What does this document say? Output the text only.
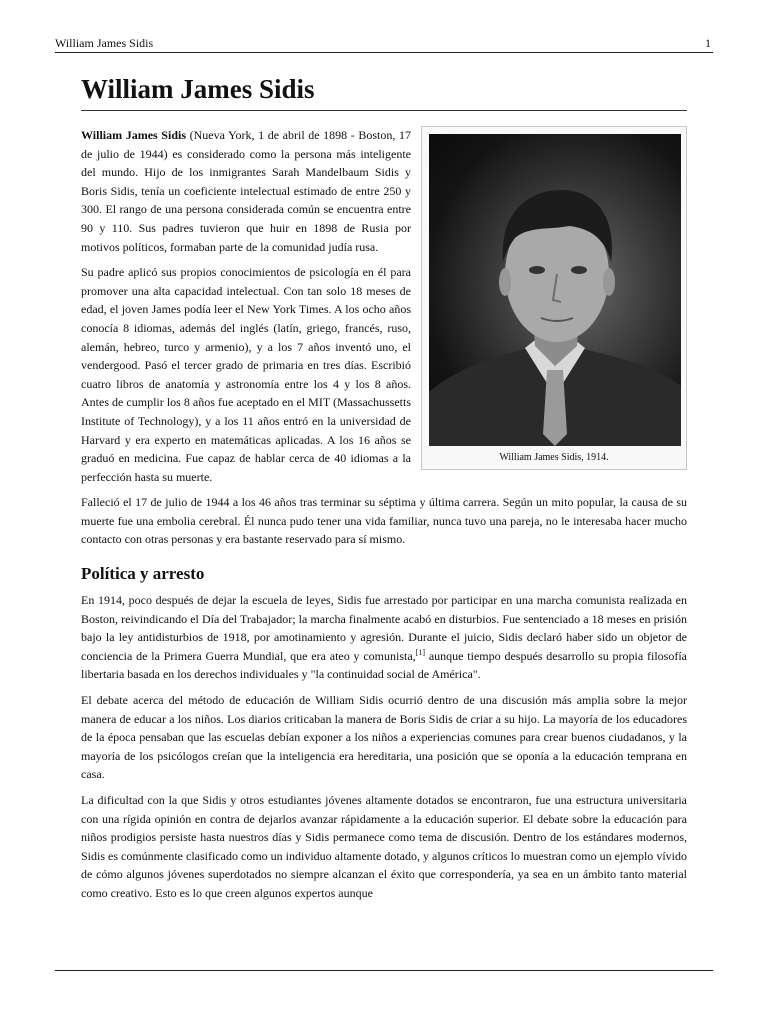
William James Sidis	1
William James Sidis
William James Sidis, 1914.

William James Sidis (Nueva York, 1 de abril de 1898 - Boston, 17 de julio de 1944) es considerado como la persona más inteligente del mundo. Hijo de los inmigrantes Sarah Mandelbaum Sidis y Boris Sidis, tenía un coeficiente intelectual estimado de entre 250 y 300. El rango de una persona considerada común se encuentra entre 90 y 110. Sus padres tuvieron que huir en 1898 de Rusia por motivos políticos, formaban parte de la comunidad judía rusa.

Su padre aplicó sus propios conocimientos de psicología en él para promover una alta capacidad intelectual. Con tan solo 18 meses de edad, el joven James podía leer el New York Times. A los ocho años conocía 8 idiomas, además del inglés (latín, griego, francés, ruso, alemán, hebreo, turco y armenio), y a los 7 años inventó uno, el vendergood. Pasó el tercer grado de primaria en tres días. Escribió cuatro libros de anatomía y astronomía entre los 4 y los 8 años. Antes de cumplir los 8 años fue aceptado en el MIT (Massachussetts Institute of Technology), y a los 11 años entró en la universidad de Harvard y era experto en matemáticas aplicadas. A los 16 años se graduó en medicina. Fue capaz de hablar cerca de 40 idiomas a la perfección hasta su muerte.

Falleció el 17 de julio de 1944 a los 46 años tras terminar su séptima y última carrera. Según un mito popular, la causa de su muerte fue una embolia cerebral. Él nunca pudo tener una vida familiar, nunca tuvo una pareja, no le interesaba hacer mucho contacto con otras personas y era bastante reservado para sí mismo.

Política y arresto

En 1914, poco después de dejar la escuela de leyes, Sidis fue arrestado por participar en una marcha comunista realizada en Boston, reivindicando el Día del Trabajador; la marcha finalmente acabó en disturbios. Fue sentenciado a 18 meses en prisión bajo la ley antidisturbios de 1918, por amotinamiento y agresión. Durante el juicio, Sidis declaró haber sido un objetor de conciencia de la Primera Guerra Mundial, que era ateo y comunista,[1] aunque tiempo después desarrollo su propia filosofía libertaria basada en los derechos individuales y "la continuidad social de América".

El debate acerca del método de educación de William Sidis ocurrió dentro de una discusión más amplia sobre la mejor manera de educar a los niños. Los diarios criticaban la manera de Boris Sidis de criar a su hijo. La mayoría de los educadores de la época pensaban que las escuelas debían exponer a los niños a experiencias comunes para crear buenos ciudadanos, y la mayoría de los psicólogos creían que la inteligencia era hereditaria, una posición que se oponía a la educación temprana en casa.

La dificultad con la que Sidis y otros estudiantes jóvenes altamente dotados se encontraron, fue una estructura universitaria con una rígida opinión en contra de dejarlos avanzar rápidamente a la educación superior. El debate sobre la educación para niños prodigios persiste hasta nuestros días y Sidis permanece como tema de discusión. Dentro de los estándares modernos, Sidis es comúnmente clasificado como un individuo altamente dotado, y algunos críticos lo muestran como un ejemplo vívido de cómo algunos jóvenes superdotados no siempre alcanzan el éxito que correspondería, ya sea en un ámbito tanto material como creativo. Esto es lo que creen algunos expertos aunque
